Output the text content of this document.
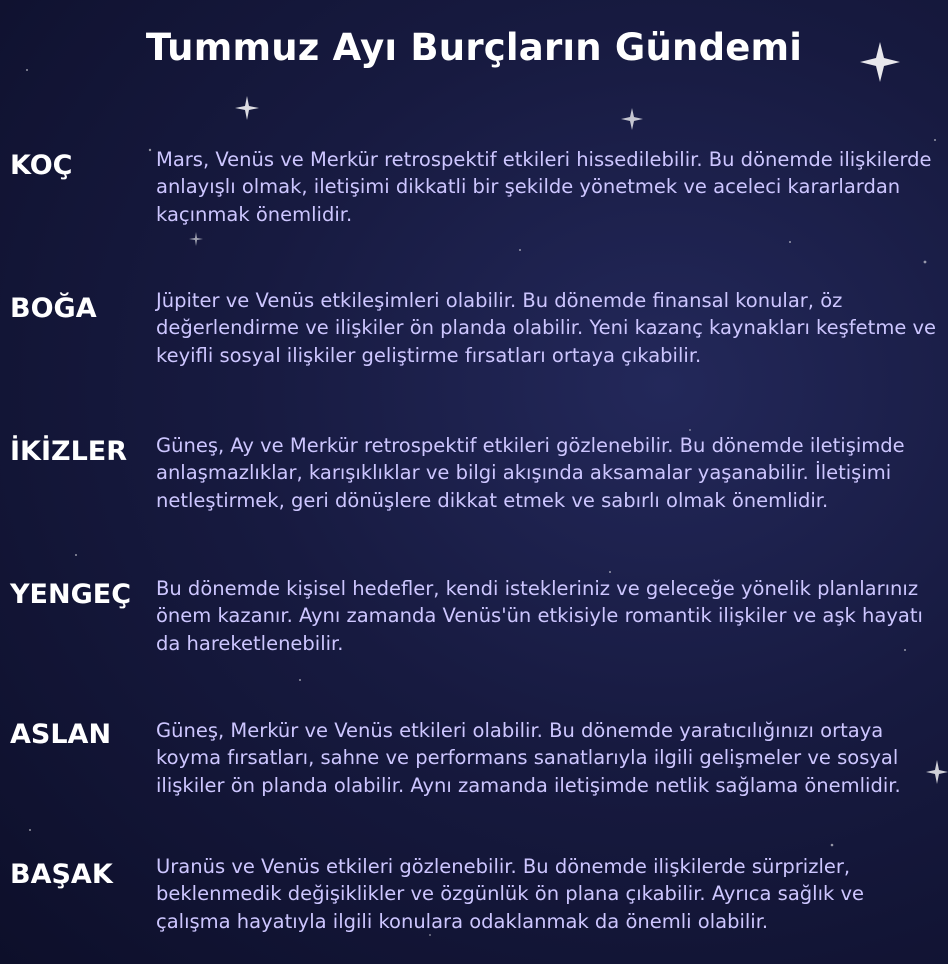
Tummuz Ayı Burçların Gündemi
KOÇ	Mars, Venüs ve Merkür retrospektif etkileri hissedilebilir. Bu dönemde ilişkilerde anlayışlı olmak, iletişimi dikkatli bir şekilde yönetmek ve aceleci kararlardan kaçınmak önemlidir.

BOĞA	Jüpiter ve Venüs etkileşimleri olabilir. Bu dönemde finansal konular, öz değerlendirme ve ilişkiler ön planda olabilir. Yeni kazanç kaynakları keşfetme ve keyifli sosyal ilişkiler geliştirme fırsatları ortaya çıkabilir.

İKİZLER Güneş, Ay ve Merkür retrospektif etkileri gözlenebilir. Bu dönemde iletişimde anlaşmazlıklar, karışıklıklar ve bilgi akışında aksamalar yaşanabilir. İletişimi netleştirmek, geri dönüşlere dikkat etmek ve sabırlı olmak önemlidir.

YENGEÇ Bu dönemde kişisel hedefler, kendi istekleriniz ve geleceğe yönelik planlarınız önem kazanır. Aynı zamanda Venüs'ün etkisiyle romantik ilişkiler ve aşk hayatı da hareketlenebilir.

ASLAN Güneş, Merkür ve Venüs etkileri olabilir. Bu dönemde yaratıcılığınızı ortaya koyma fırsatları, sahne ve performans sanatlarıyla ilgili gelişmeler ve sosyal ilişkiler ön planda olabilir. Aynı zamanda iletişimde netlik sağlama önemlidir.

BAŞAK Uranüs ve Venüs etkileri gözlenebilir. Bu dönemde ilişkilerde sürprizler, beklenmedik değişiklikler ve özgünlük ön plana çıkabilir. Ayrıca sağlık ve çalışma hayatıyla ilgili konulara odaklanmak da önemli olabilir.
